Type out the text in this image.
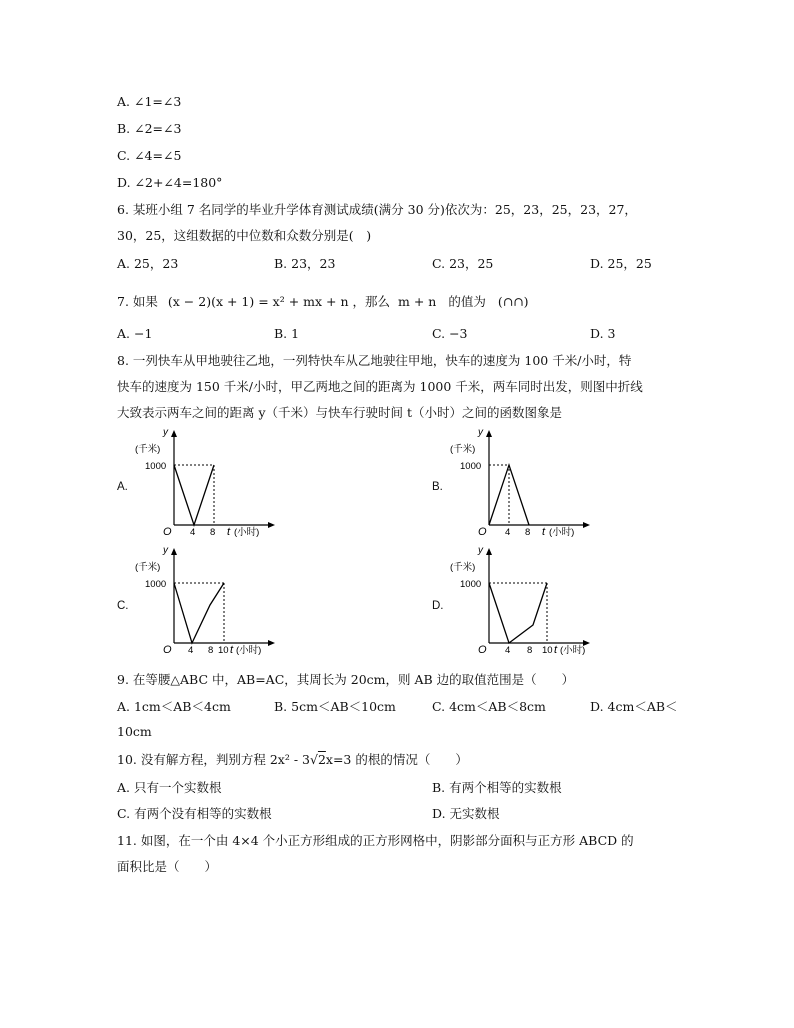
A. ∠1=∠3
B. ∠2=∠3
C. ∠4=∠5
D. ∠2+∠4=180°
6. 某班小组 7 名同学的毕业升学体育测试成绩(满分 30 分)依次为：25，23，25，23，27，
30，25，这组数据的中位数和众数分别是(　)
A. 25，23	B. 23，23	C. 23，25	D. 25，25
7. 如果 (x − 2)(x + 1) = x² + mx + n ，那么 m + n 的值为 (∩∩)
A. −1	B. 1	C. −3	D. 3
8. 一列快车从甲地驶往乙地，一列特快车从乙地驶往甲地，快车的速度为 100 千米/小时，特
快车的速度为 150 千米/小时，甲乙两地之间的距离为 1000 千米，两车同时出发，则图中折线
大致表示两车之间的距离 y（千米）与快车行驶时间 t（小时）之间的函数图象是
A.	B.
C.	D.
y
(千米)
1000
O 4 8 t (小时)
y
(千米)
1000
O 4 8 t (小时)
y
(千米)
1000
O 4 8 10 t (小时)
y
(千米)
1000
O 4 8 10 t (小时)
9. 在等腰△ABC 中，AB=AC，其周长为 20cm，则 AB 边的取值范围是（　　）
A. 1cm＜AB＜4cm	B. 5cm＜AB＜10cm	C. 4cm＜AB＜8cm	D. 4cm＜AB＜
10cm
10. 没有解方程，判别方程 2x² - 3√2x=3 的根的情况（　　）
A. 只有一个实数根	B. 有两个相等的实数根
C. 有两个没有相等的实数根	D. 无实数根
11. 如图，在一个由 4×4 个小正方形组成的正方形网格中，阴影部分面积与正方形 ABCD 的
面积比是（　　）
